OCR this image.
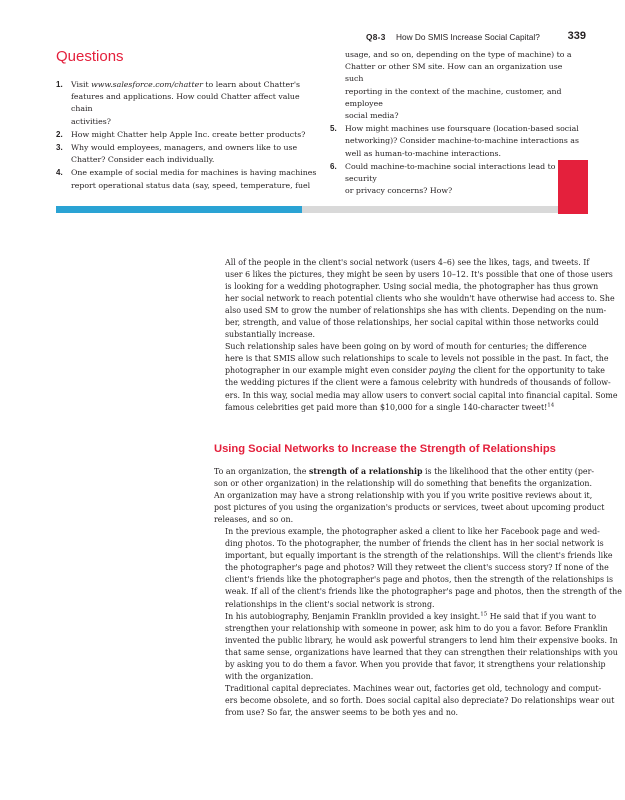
Q8-3 How Do SMIS Increase Social Capital?	339
Questions
1. Visit www.salesforce.com/chatter to learn about Chatter's
features and applications. How could Chatter affect value chain
activities?
2. How might Chatter help Apple Inc. create better products?
3. Why would employees, managers, and owners like to use
Chatter? Consider each individually.
4. One example of social media for machines is having machines
report operational status data (say, speed, temperature, fuel
usage, and so on, depending on the type of machine) to a
Chatter or other SM site. How can an organization use such
reporting in the context of the machine, customer, and employee
social media?
5. How might machines use foursquare (location-based social
networking)? Consider machine-to-machine interactions as
well as human-to-machine interactions.
6. Could machine-to-machine social interactions lead to security
or privacy concerns? How?

All of the people in the client's social network (users 4–6) see the likes, tags, and tweets. If
user 6 likes the pictures, they might be seen by users 10–12. It's possible that one of those users
is looking for a wedding photographer. Using social media, the photographer has thus grown
her social network to reach potential clients who she wouldn't have otherwise had access to. She
also used SM to grow the number of relationships she has with clients. Depending on the num-
ber, strength, and value of those relationships, her social capital within those networks could
substantially increase.

Such relationship sales have been going on by word of mouth for centuries; the difference
here is that SMIS allow such relationships to scale to levels not possible in the past. In fact, the
photographer in our example might even consider paying the client for the opportunity to take
the wedding pictures if the client were a famous celebrity with hundreds of thousands of follow-
ers. In this way, social media may allow users to convert social capital into financial capital. Some
famous celebrities get paid more than $10,000 for a single 140-character tweet!$^{14}$

Using Social Networks to Increase the Strength of Relationships

To an organization, the strength of a relationship is the likelihood that the other entity (per-
son or other organization) in the relationship will do something that benefits the organization.
An organization may have a strong relationship with you if you write positive reviews about it,
post pictures of you using the organization's products or services, tweet about upcoming product
releases, and so on.

In the previous example, the photographer asked a client to like her Facebook page and wed-
ding photos. To the photographer, the number of friends the client has in her social network is
important, but equally important is the strength of the relationships. Will the client's friends like
the photographer's page and photos? Will they retweet the client's success story? If none of the
client's friends like the photographer's page and photos, then the strength of the relationships is
weak. If all of the client's friends like the photographer's page and photos, then the strength of the
relationships in the client's social network is strong.

In his autobiography, Benjamin Franklin provided a key insight.$^{15}$ He said that if you want to
strengthen your relationship with someone in power, ask him to do you a favor. Before Franklin
invented the public library, he would ask powerful strangers to lend him their expensive books. In
that same sense, organizations have learned that they can strengthen their relationships with you
by asking you to do them a favor. When you provide that favor, it strengthens your relationship
with the organization.

Traditional capital depreciates. Machines wear out, factories get old, technology and comput-
ers become obsolete, and so forth. Does social capital also depreciate? Do relationships wear out
from use? So far, the answer seems to be both yes and no.
